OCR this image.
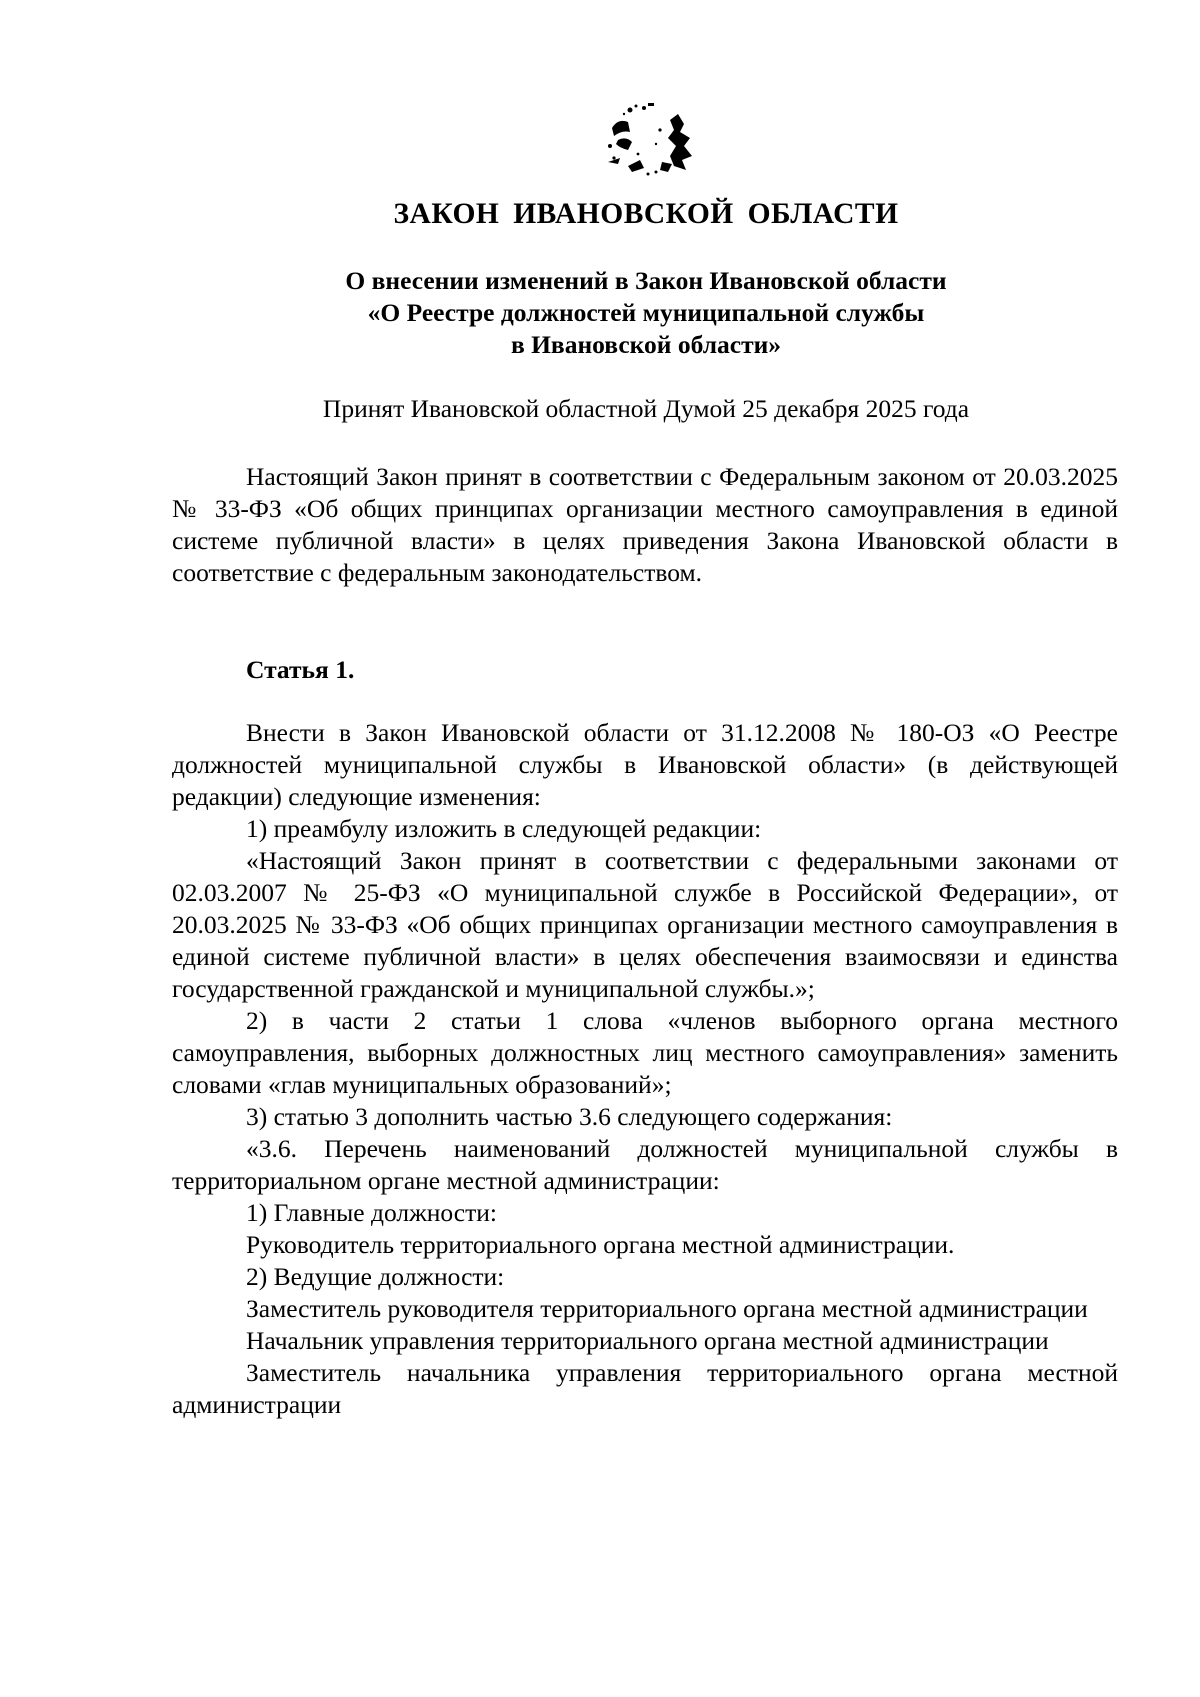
ЗАКОН ИВАНОВСКОЙ ОБЛАСТИ
О внесении изменений в Закон Ивановской области
«О Реестре должностей муниципальной службы
в Ивановской области»
Принят Ивановской областной Думой 25 декабря 2025 года

Настоящий Закон принят в соответствии с Федеральным законом от 20.03.2025 № 33-ФЗ «Об общих принципах организации местного самоуправления в единой системе публичной власти» в целях приведения Закона Ивановской области в соответствие с федеральным законодательством.

Статья 1.

Внести в Закон Ивановской области от 31.12.2008 № 180-ОЗ «О Реестре должностей муниципальной службы в Ивановской области» (в действующей редакции) следующие изменения:

1) преамбулу изложить в следующей редакции:

«Настоящий Закон принят в соответствии с федеральными законами от 02.03.2007 № 25-ФЗ «О муниципальной службе в Российской Федерации», от 20.03.2025 № 33-ФЗ «Об общих принципах организации местного самоуправления в единой системе публичной власти» в целях обеспечения взаимосвязи и единства государственной гражданской и муниципальной службы.»;

2) в части 2 статьи 1 слова «членов выборного органа местного самоуправления, выборных должностных лиц местного самоуправления» заменить словами «глав муниципальных образований»;

3) статью 3 дополнить частью 3.6 следующего содержания:

«3.6. Перечень наименований должностей муниципальной службы в территориальном органе местной администрации:

1) Главные должности:

Руководитель территориального органа местной администрации.

2) Ведущие должности:

Заместитель руководителя территориального органа местной администрации

Начальник управления территориального органа местной администрации

Заместитель начальника управления территориального органа местной администрации
